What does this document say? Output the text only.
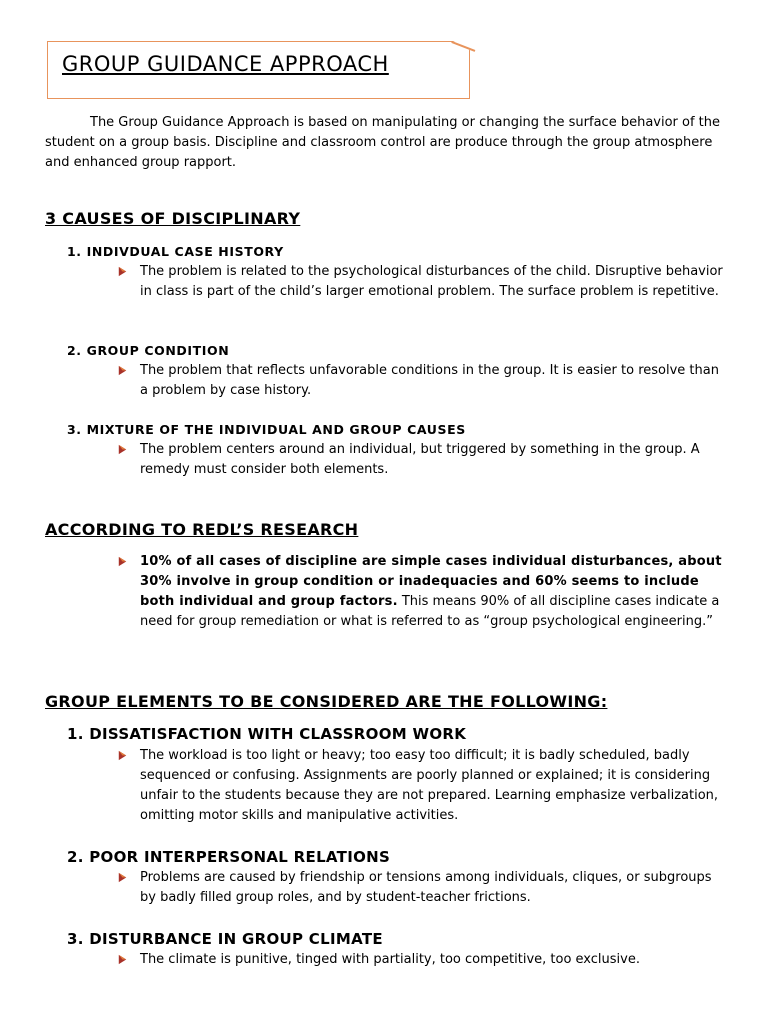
GROUP GUIDANCE APPROACH

The Group Guidance Approach is based on manipulating or changing the surface behavior of the student on a group basis. Discipline and classroom control are produce through the group atmosphere and enhanced group rapport.

3 CAUSES OF DISCIPLINARY
1. INDIVDUAL CASE HISTORY

The problem is related to the psychological disturbances of the child. Disruptive behavior in class is part of the child’s larger emotional problem. The surface problem is repetitive.

2. GROUP CONDITION

The problem that reflects unfavorable conditions in the group. It is easier to resolve than a problem by case history.

3. MIXTURE OF THE INDIVIDUAL AND GROUP CAUSES

The problem centers around an individual, but triggered by something in the group. A remedy must consider both elements.

ACCORDING TO REDL’S RESEARCH

10% of all cases of discipline are simple cases individual disturbances, about 30% involve in group condition or inadequacies and 60% seems to include both individual and group factors. This means 90% of all discipline cases indicate a need for group remediation or what is referred to as “group psychological engineering.”

GROUP ELEMENTS TO BE CONSIDERED ARE THE FOLLOWING:
1. DISSATISFACTION WITH CLASSROOM WORK

The workload is too light or heavy; too easy too difficult; it is badly scheduled, badly sequenced or confusing. Assignments are poorly planned or explained; it is considering unfair to the students because they are not prepared. Learning emphasize verbalization, omitting motor skills and manipulative activities.

2. POOR INTERPERSONAL RELATIONS

Problems are caused by friendship or tensions among individuals, cliques, or subgroups by badly filled group roles, and by student-teacher frictions.

3. DISTURBANCE IN GROUP CLIMATE

The climate is punitive, tinged with partiality, too competitive, too exclusive.
